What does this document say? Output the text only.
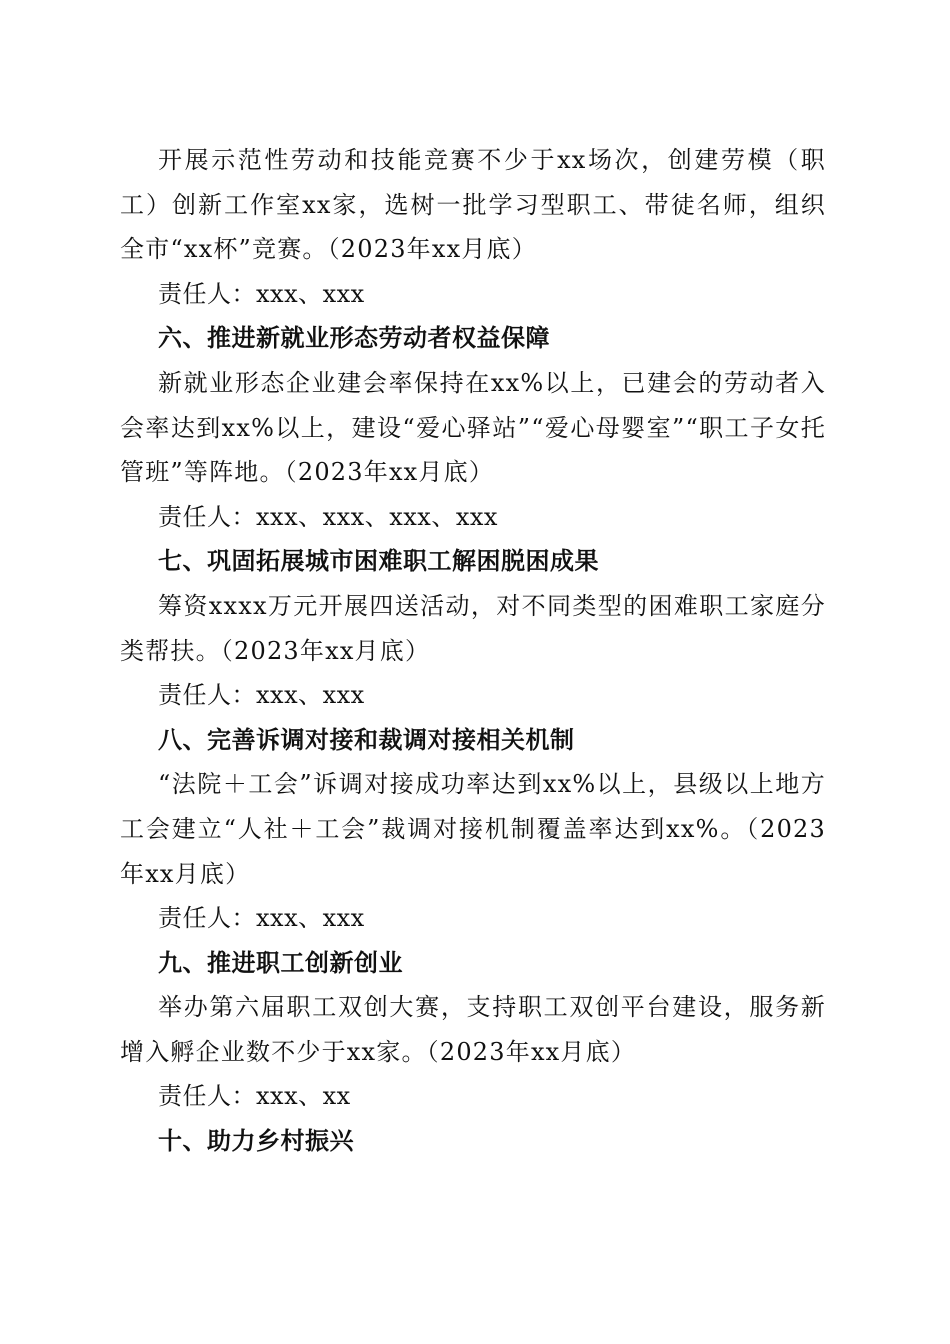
开展示范性劳动和技能竞赛不少于xx场次，创建劳模（职工）创新工作室xx家，选树一批学习型职工、带徒名师，组织全市“xx杯”竞赛。（2023年xx月底）

责任人：xxx、xxx

六、推进新就业形态劳动者权益保障

新就业形态企业建会率保持在xx%以上，已建会的劳动者入会率达到xx%以上，建设“爱心驿站”“爱心母婴室”“职工子女托管班”等阵地。（2023年xx月底）

责任人：xxx、xxx、xxx、xxx

七、巩固拓展城市困难职工解困脱困成果

筹资xxxx万元开展四送活动，对不同类型的困难职工家庭分类帮扶。（2023年xx月底）

责任人：xxx、xxx

八、完善诉调对接和裁调对接相关机制

“法院＋工会”诉调对接成功率达到xx%以上，县级以上地方工会建立“人社＋工会”裁调对接机制覆盖率达到xx%。（2023年xx月底）

责任人：xxx、xxx

九、推进职工创新创业

举办第六届职工双创大赛，支持职工双创平台建设，服务新增入孵企业数不少于xx家。（2023年xx月底）

责任人：xxx、xx

十、助力乡村振兴
